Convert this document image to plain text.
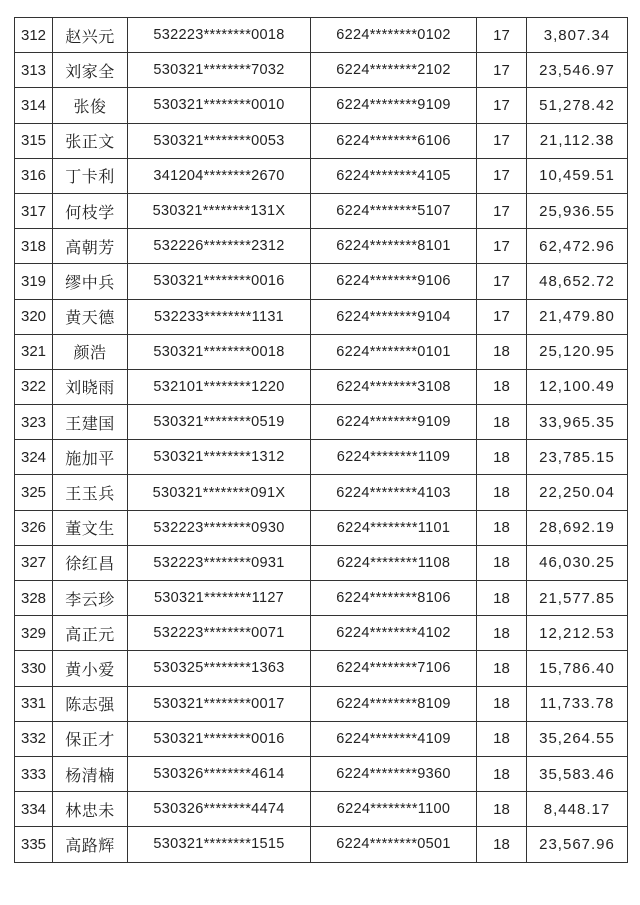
312	赵兴元	532223********0018	6224********0102	17	3,807.34
313	刘家全	530321********7032	6224********2102	17	23,546.97
314	张俊	530321********0010	6224********9109	17	51,278.42
315	张正文	530321********0053	6224********6106	17	21,112.38
316	丁卡利	341204********2670	6224********4105	17	10,459.51
317	何枝学	530321********131X	6224********5107	17	25,936.55
318	高朝芳	532226********2312	6224********8101	17	62,472.96
319	缪中兵	530321********0016	6224********9106	17	48,652.72
320	黄天德	532233********1131	6224********9104	17	21,479.80
321	颜浩	530321********0018	6224********0101	18	25,120.95
322	刘晓雨	532101********1220	6224********3108	18	12,100.49
323	王建国	530321********0519	6224********9109	18	33,965.35
324	施加平	530321********1312	6224********1109	18	23,785.15
325	王玉兵	530321********091X	6224********4103	18	22,250.04
326	董文生	532223********0930	6224********1101	18	28,692.19
327	徐红昌	532223********0931	6224********1108	18	46,030.25
328	李云珍	530321********1127	6224********8106	18	21,577.85
329	高正元	532223********0071	6224********4102	18	12,212.53
330	黄小爱	530325********1363	6224********7106	18	15,786.40
331	陈志强	530321********0017	6224********8109	18	11,733.78
332	保正才	530321********0016	6224********4109	18	35,264.55
333	杨清楠	530326********4614	6224********9360	18	35,583.46
334	林忠未	530326********4474	6224********1100	18	8,448.17
335	高路辉	530321********1515	6224********0501	18	23,567.96
